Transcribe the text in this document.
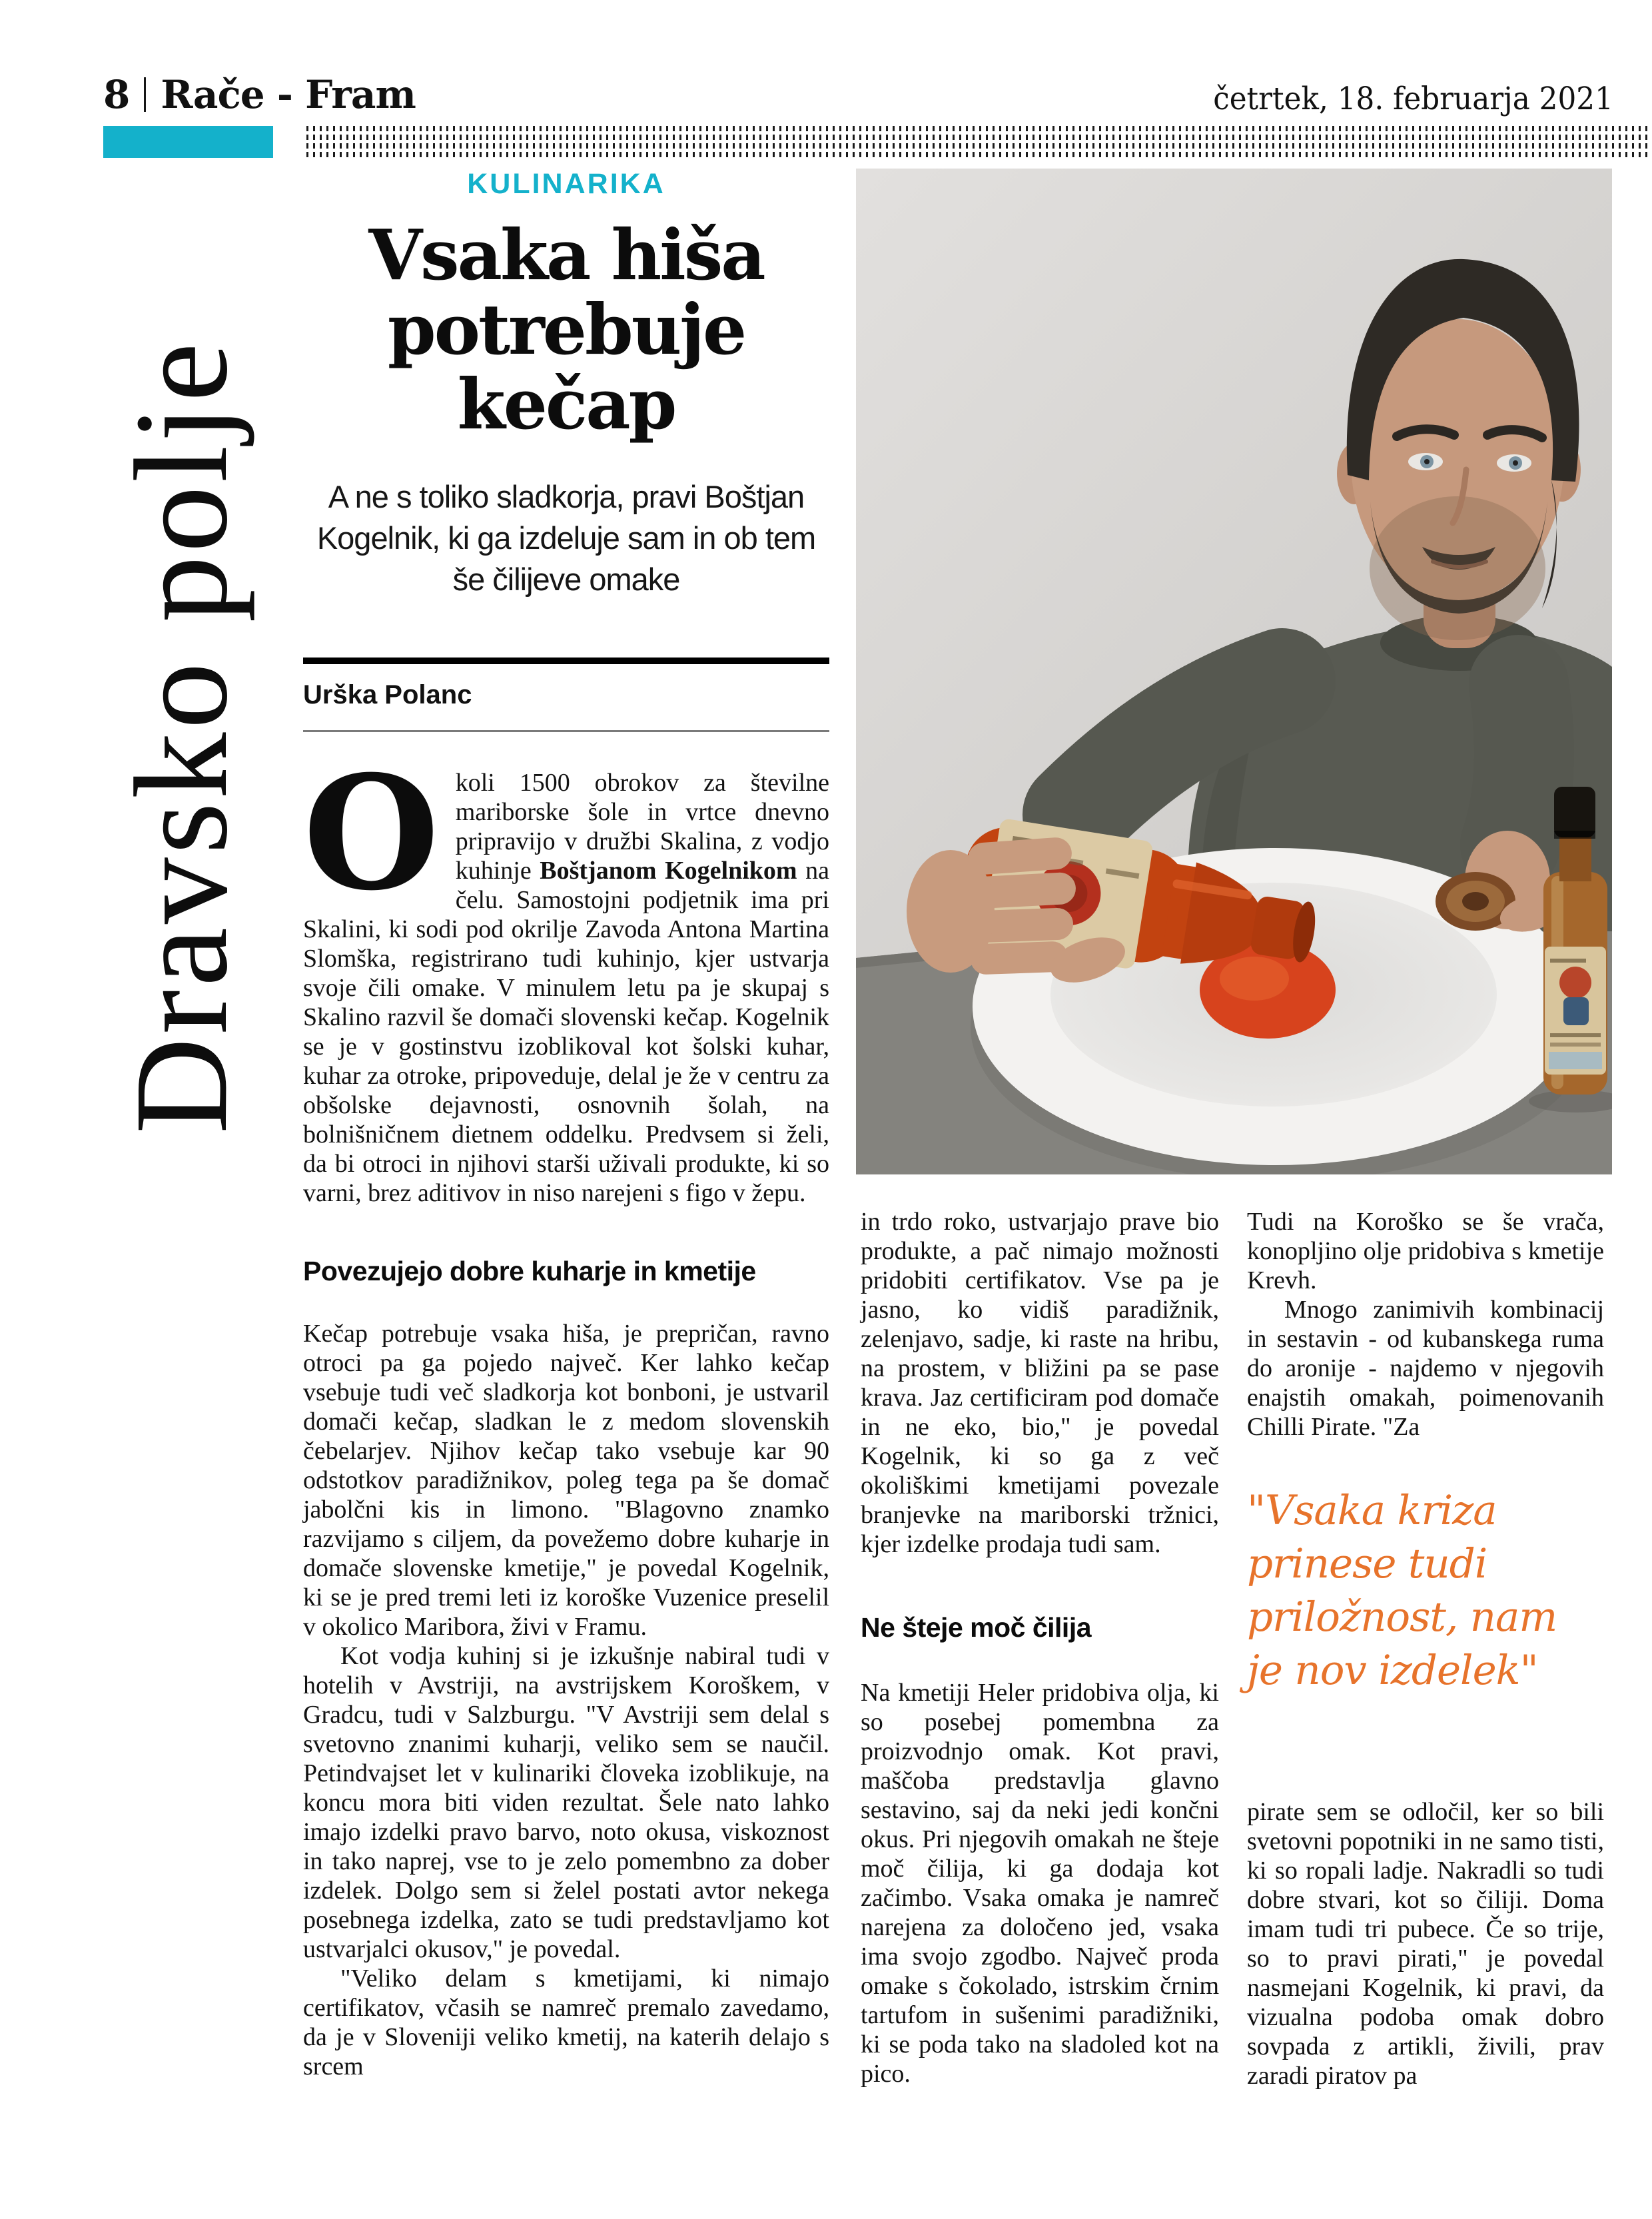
8 Rače - Fram	četrtek, 18. februarja 2021
Dravsko polje
KULINARIKA
Vsaka hiša potrebuje kečap
A ne s toliko sladkorja, pravi Boštjan Kogelnik, ki ga izdeluje sam in ob tem še čilijeve omake
Urška Polanc

Okoli 1500 obrokov za številne mariborske šole in vrtce dnevno pripravijo v družbi Skalina, z vodjo kuhinje Boštjanom Kogelnikom na čelu. Samostojni podjetnik ima pri Skalini, ki sodi pod okrilje Zavoda Antona Martina Slomška, registrirano tudi kuhinjo, kjer ustvarja svoje čili omake. V minulem letu pa je skupaj s Skalino razvil še domači slovenski kečap. Kogelnik se je v gostinstvu izoblikoval kot šolski kuhar, kuhar za otroke, pripoveduje, delal je že v centru za obšolske dejavnosti, osnovnih šolah, na bolnišničnem dietnem oddelku. Predvsem si želi, da bi otroci in njihovi starši uživali produkte, ki so varni, brez aditivov in niso narejeni s figo v žepu.

Povezujejo dobre kuharje in kmetije

Kečap potrebuje vsaka hiša, je prepričan, ravno otroci pa ga pojedo največ. Ker lahko kečap vsebuje tudi več sladkorja kot bonboni, je ustvaril domači kečap, sladkan le z medom slovenskih čebelarjev. Njihov kečap tako vsebuje kar 90 odstotkov paradižnikov, poleg tega pa še domač jabolčni kis in limono. "Blagovno znamko razvijamo s ciljem, da povežemo dobre kuharje in domače slovenske kmetije," je povedal Kogelnik, ki se je pred tremi leti iz koroške Vuzenice preselil v okolico Maribora, živi v Framu.

Kot vodja kuhinj si je izkušnje nabiral tudi v hotelih v Avstriji, na avstrijskem Koroškem, v Gradcu, tudi v Salzburgu. "V Avstriji sem delal s svetovno znanimi kuharji, veliko sem se naučil. Petindvajset let v kulinariki človeka izoblikuje, na koncu mora biti viden rezultat. Šele nato lahko imajo izdelki pravo barvo, noto okusa, viskoznost in tako naprej, vse to je zelo pomembno za dober izdelek. Dolgo sem si želel postati avtor nekega posebnega izdelka, zato se tudi predstavljamo kot ustvarjalci okusov," je povedal.

"Veliko delam s kmetijami, ki nimajo certifikatov, včasih se namreč premalo zavedamo, da je v Sloveniji veliko kmetij, na katerih delajo s srcem

in trdo roko, ustvarjajo prave bio produkte, a pač nimajo možnosti pridobiti certifikatov. Vse pa je jasno, ko vidiš paradižnik, zelenjavo, sadje, ki raste na hribu, na prostem, v bližini pa se pase krava. Jaz certificiram pod domače in ne eko, bio," je povedal Kogelnik, ki so ga z več okoliškimi kmetijami povezale branjevke na mariborski tržnici, kjer izdelke prodaja tudi sam.

Ne šteje moč čilija

Na kmetiji Heler pridobiva olja, ki so posebej pomembna za proizvodnjo omak. Kot pravi, maščoba predstavlja glavno sestavino, saj da neki jedi končni okus. Pri njegovih omakah ne šteje moč čilija, ki ga dodaja kot začimbo. Vsaka omaka je namreč narejena za določeno jed, vsaka ima svojo zgodbo. Največ proda omake s čokolado, istrskim črnim tartufom in sušenimi paradižniki, ki se poda tako na sladoled kot na pico.

Tudi na Koroško se še vrača, konopljino olje pridobiva s kmetije Krevh.

Mnogo zanimivih kombinacij in sestavin - od kubanskega ruma do aronije - najdemo v njegovih enajstih omakah, poimenovanih Chilli Pirate. "Za

"Vsaka kriza prinese tudi priložnost, nam je nov izdelek"

pirate sem se odločil, ker so bili svetovni popotniki in ne samo tisti, ki so ropali ladje. Nakradli so tudi dobre stvari, kot so čiliji. Doma imam tudi tri pubece. Če so trije, so to pravi pirati," je povedal nasmejani Kogelnik, ki pravi, da vizualna podoba omak dobro sovpada z artikli, živili, prav zaradi piratov pa
